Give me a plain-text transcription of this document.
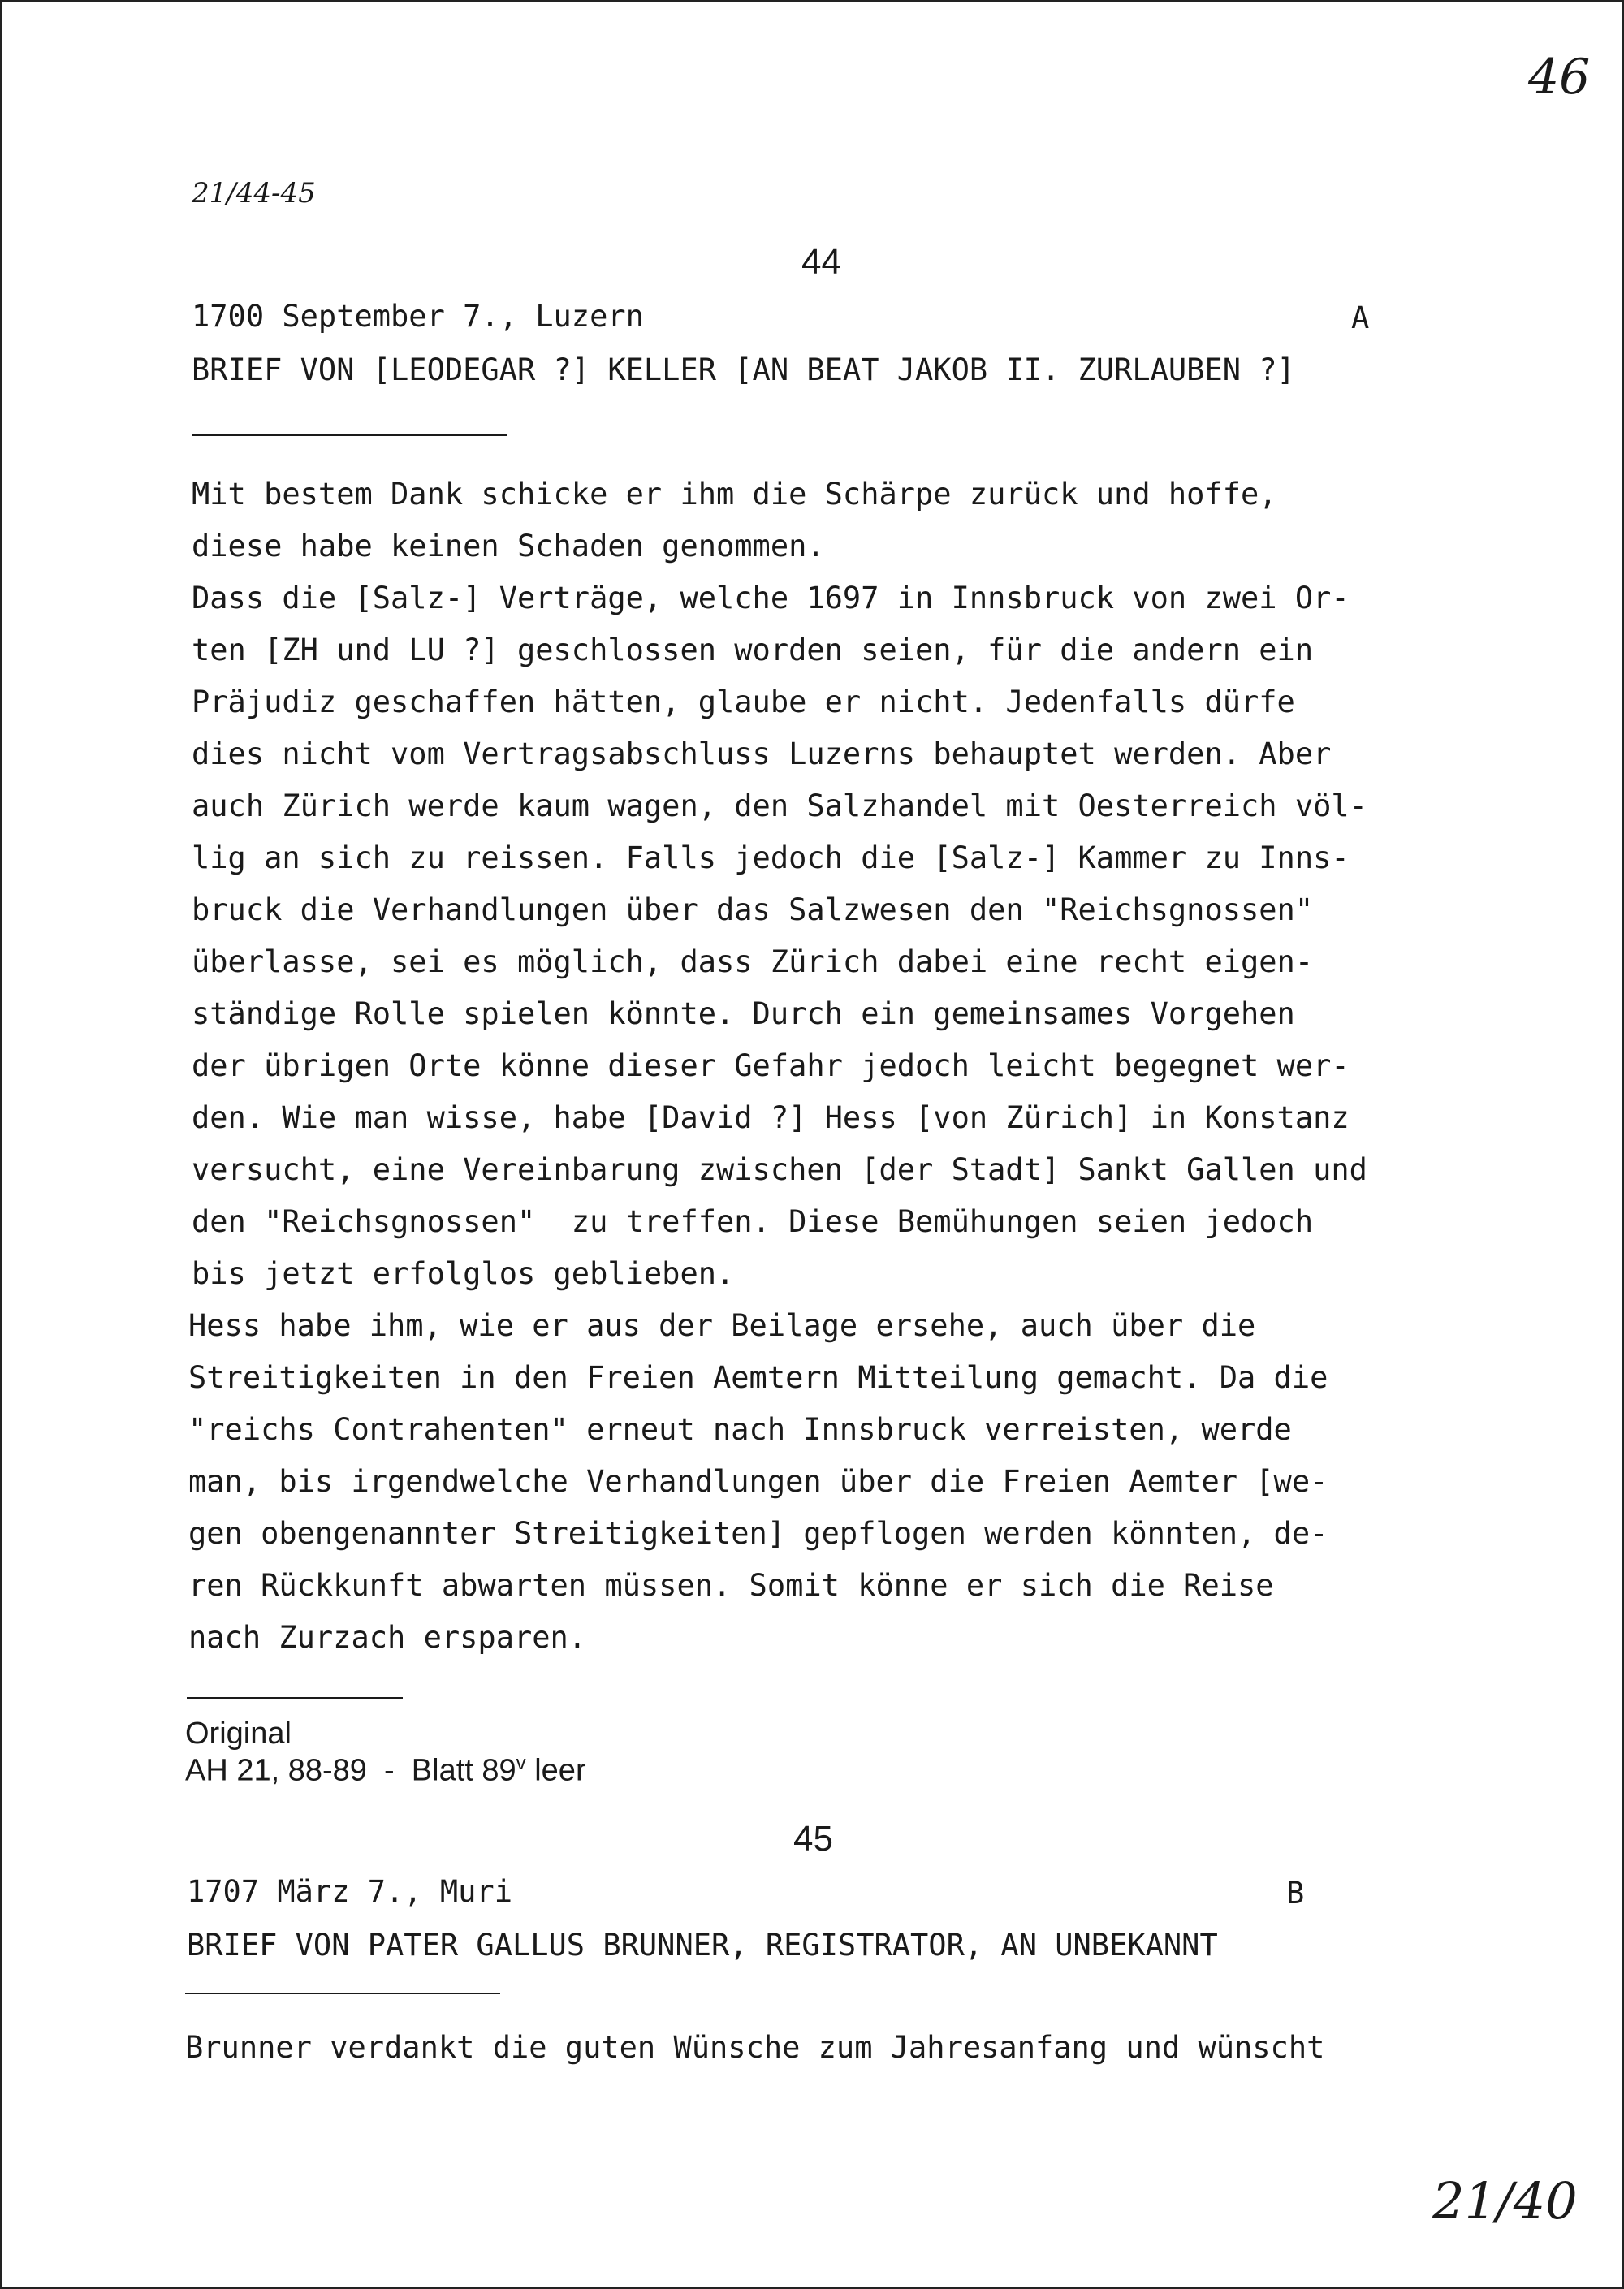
46
21/44-45
44
1700 September 7., Luzern	A
BRIEF VON [LEODEGAR ?] KELLER [AN BEAT JAKOB II. ZURLAUBEN ?]
Mit bestem Dank schicke er ihm die Schärpe zurück und hoffe,
diese habe keinen Schaden genommen.
Dass die [Salz-] Verträge, welche 1697 in Innsbruck von zwei Or-
ten [ZH und LU ?] geschlossen worden seien, für die andern ein
Präjudiz geschaffen hätten, glaube er nicht. Jedenfalls dürfe
dies nicht vom Vertragsabschluss Luzerns behauptet werden. Aber
auch Zürich werde kaum wagen, den Salzhandel mit Oesterreich völ-
lig an sich zu reissen. Falls jedoch die [Salz-] Kammer zu Inns-
bruck die Verhandlungen über das Salzwesen den "Reichsgnossen"
überlasse, sei es möglich, dass Zürich dabei eine recht eigen-
ständige Rolle spielen könnte. Durch ein gemeinsames Vorgehen
der übrigen Orte könne dieser Gefahr jedoch leicht begegnet wer-
den. Wie man wisse, habe [David ?] Hess [von Zürich] in Konstanz
versucht, eine Vereinbarung zwischen [der Stadt] Sankt Gallen und
den "Reichsgnossen"  zu treffen. Diese Bemühungen seien jedoch
bis jetzt erfolglos geblieben.
Hess habe ihm, wie er aus der Beilage ersehe, auch über die
Streitigkeiten in den Freien Aemtern Mitteilung gemacht. Da die
"reichs Contrahenten" erneut nach Innsbruck verreisten, werde
man, bis irgendwelche Verhandlungen über die Freien Aemter [we-
gen obengenannter Streitigkeiten] gepflogen werden könnten, de-
ren Rückkunft abwarten müssen. Somit könne er sich die Reise
nach Zurzach ersparen.
Original
AH 21, 88-89  -  Blatt 89$^v$ leer
45
1707 März 7., Muri	B
BRIEF VON PATER GALLUS BRUNNER, REGISTRATOR, AN UNBEKANNT
Brunner verdankt die guten Wünsche zum Jahresanfang und wünscht
21/40
